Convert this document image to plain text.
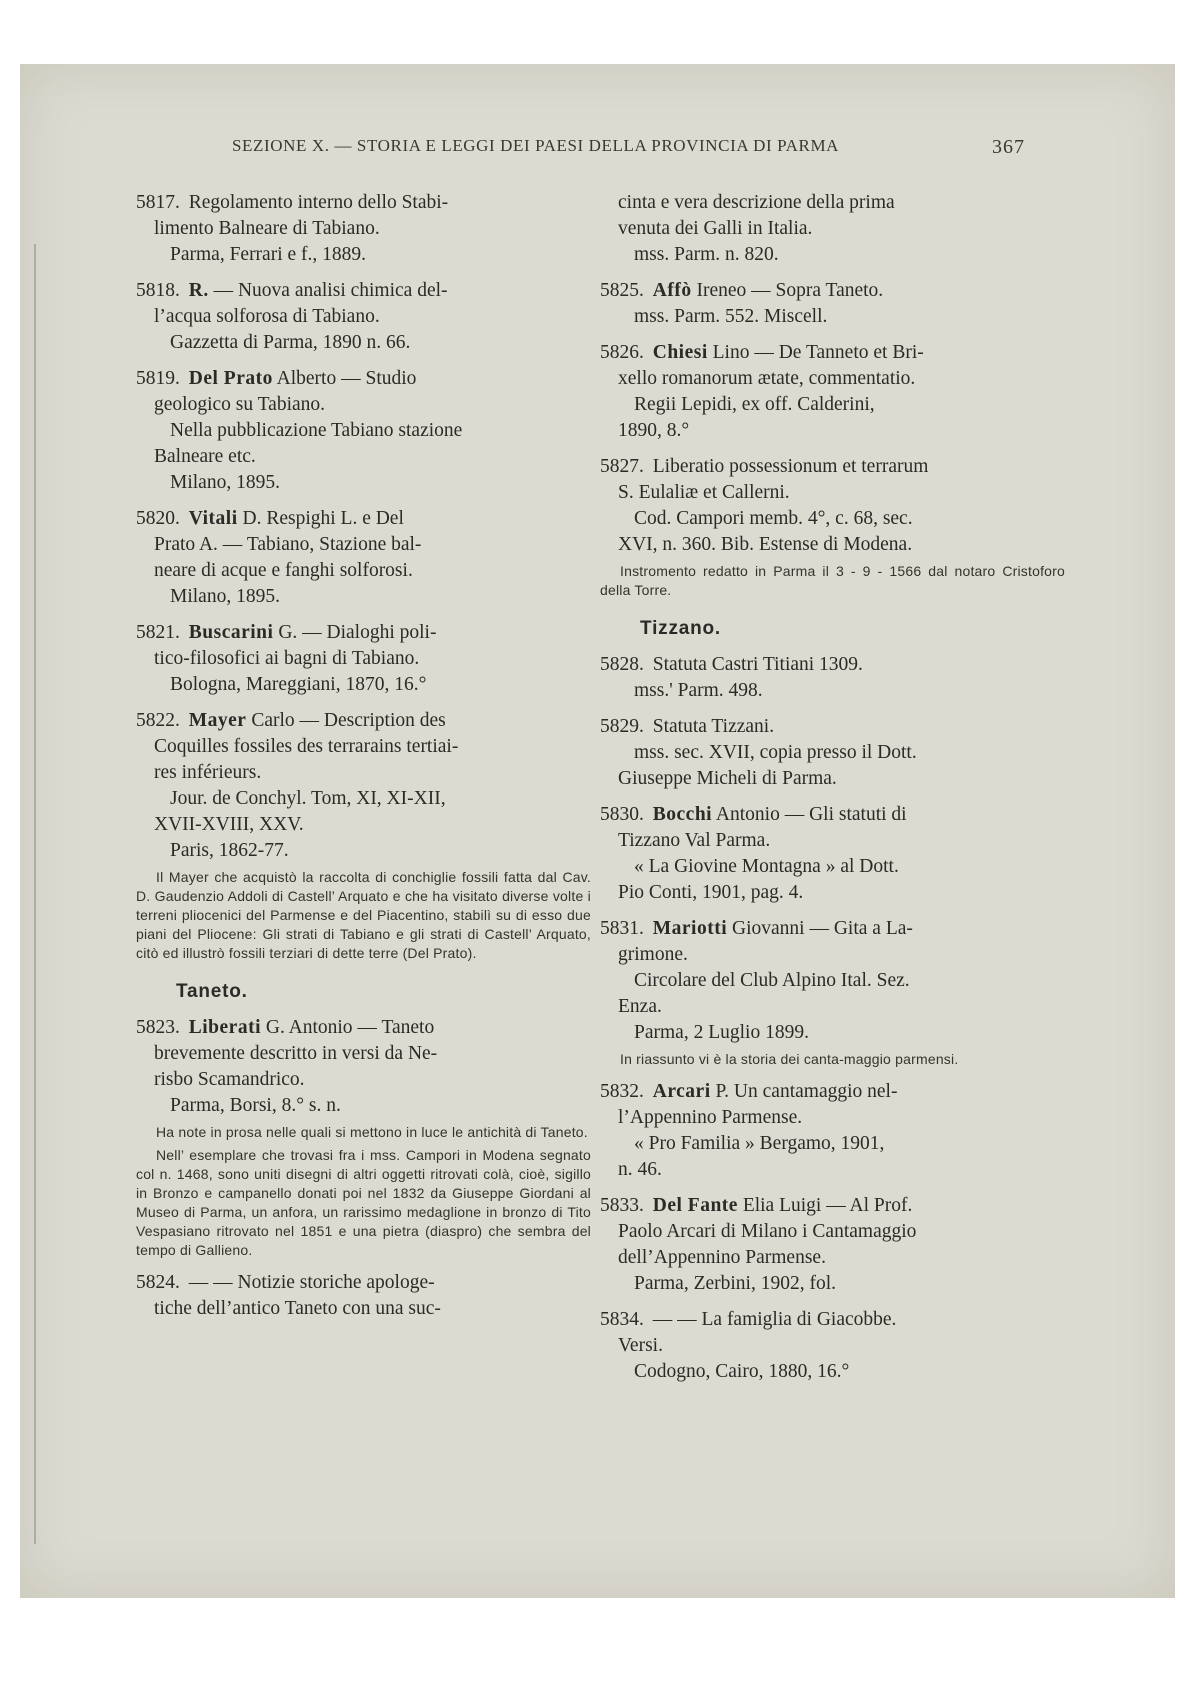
SEZIONE X. — STORIA E LEGGI DEI PAESI DELLA PROVINCIA DI PARMA	367
5817. Regolamento interno dello Stabi-
limento Balneare di Tabiano.
Parma, Ferrari e f., 1889.
5818. R. — Nuova analisi chimica del-
l’acqua solforosa di Tabiano.
Gazzetta di Parma, 1890 n. 66.
5819. Del Prato Alberto — Studio
geologico su Tabiano.
Nella pubblicazione Tabiano stazione
Balneare etc.
Milano, 1895.
5820. Vitali D. Respighi L. e Del
Prato A. — Tabiano, Stazione bal-
neare di acque e fanghi solforosi.
Milano, 1895.
5821. Buscarini G. — Dialoghi poli-
tico-filosofici ai bagni di Tabiano.
Bologna, Mareggiani, 1870, 16.°
5822. Mayer Carlo — Description des
Coquilles fossiles des terrarains tertiai-
res inférieurs.
Jour. de Conchyl. Tom, XI, XI-XII,
XVII-XVIII, XXV.
Paris, 1862-77.

Il Mayer che acquistò la raccolta di conchiglie fossili fatta dal Cav. D. Gaudenzio Addoli di Castell’ Arquato e che ha visitato diverse volte i terreni pliocenici del Parmense e del Piacentino, stabilì su di esso due piani del Pliocene: Gli strati di Tabiano e gli strati di Castell’ Arquato, citò ed illustrò fossili terziari di dette terre (Del Prato).

Taneto.
5823. Liberati G. Antonio — Taneto
brevemente descritto in versi da Ne-
risbo Scamandrico.
Parma, Borsi, 8.° s. n.

Ha note in prosa nelle quali si mettono in luce le antichità di Taneto.

Nell’ esemplare che trovasi fra i mss. Campori in Modena segnato col n. 1468, sono uniti disegni di altri oggetti ritrovati colà, cioè, sigillo in Bronzo e campanello donati poi nel 1832 da Giuseppe Giordani al Museo di Parma, un anfora, un rarissimo medaglione in bronzo di Tito Vespasiano ritrovato nel 1851 e una pietra (diaspro) che sembra del tempo di Gallieno.

5824. — — Notizie storiche apologe-
tiche dell’antico Taneto con una suc-
cinta e vera descrizione della prima
venuta dei Galli in Italia.
mss. Parm. n. 820.
5825. Affò Ireneo — Sopra Taneto.
mss. Parm. 552. Miscell.
5826. Chiesi Lino — De Tanneto et Bri-
xello romanorum ætate, commentatio.
Regii Lepidi, ex off. Calderini,
1890, 8.°
5827. Liberatio possessionum et terrarum
S. Eulaliæ et Callerni.
Cod. Campori memb. 4°, c. 68, sec.
XVI, n. 360. Bib. Estense di Modena.

Instromento redatto in Parma il 3 - 9 - 1566 dal notaro Cristoforo della Torre.

Tizzano.
5828. Statuta Castri Titiani 1309.
mss.' Parm. 498.
5829. Statuta Tizzani.
mss. sec. XVII, copia presso il Dott.
Giuseppe Micheli di Parma.
5830. Bocchi Antonio — Gli statuti di
Tizzano Val Parma.
« La Giovine Montagna » al Dott.
Pio Conti, 1901, pag. 4.
5831. Mariotti Giovanni — Gita a La-
grimone.
Circolare del Club Alpino Ital. Sez.
Enza.
Parma, 2 Luglio 1899.

In riassunto vi è la storia dei canta-maggio parmensi.

5832. Arcari P. Un cantamaggio nel-
l’Appennino Parmense.
« Pro Familia » Bergamo, 1901,
n. 46.
5833. Del Fante Elia Luigi — Al Prof.
Paolo Arcari di Milano i Cantamaggio
dell’Appennino Parmense.
Parma, Zerbini, 1902, fol.
5834. — — La famiglia di Giacobbe.
Versi.
Codogno, Cairo, 1880, 16.°
